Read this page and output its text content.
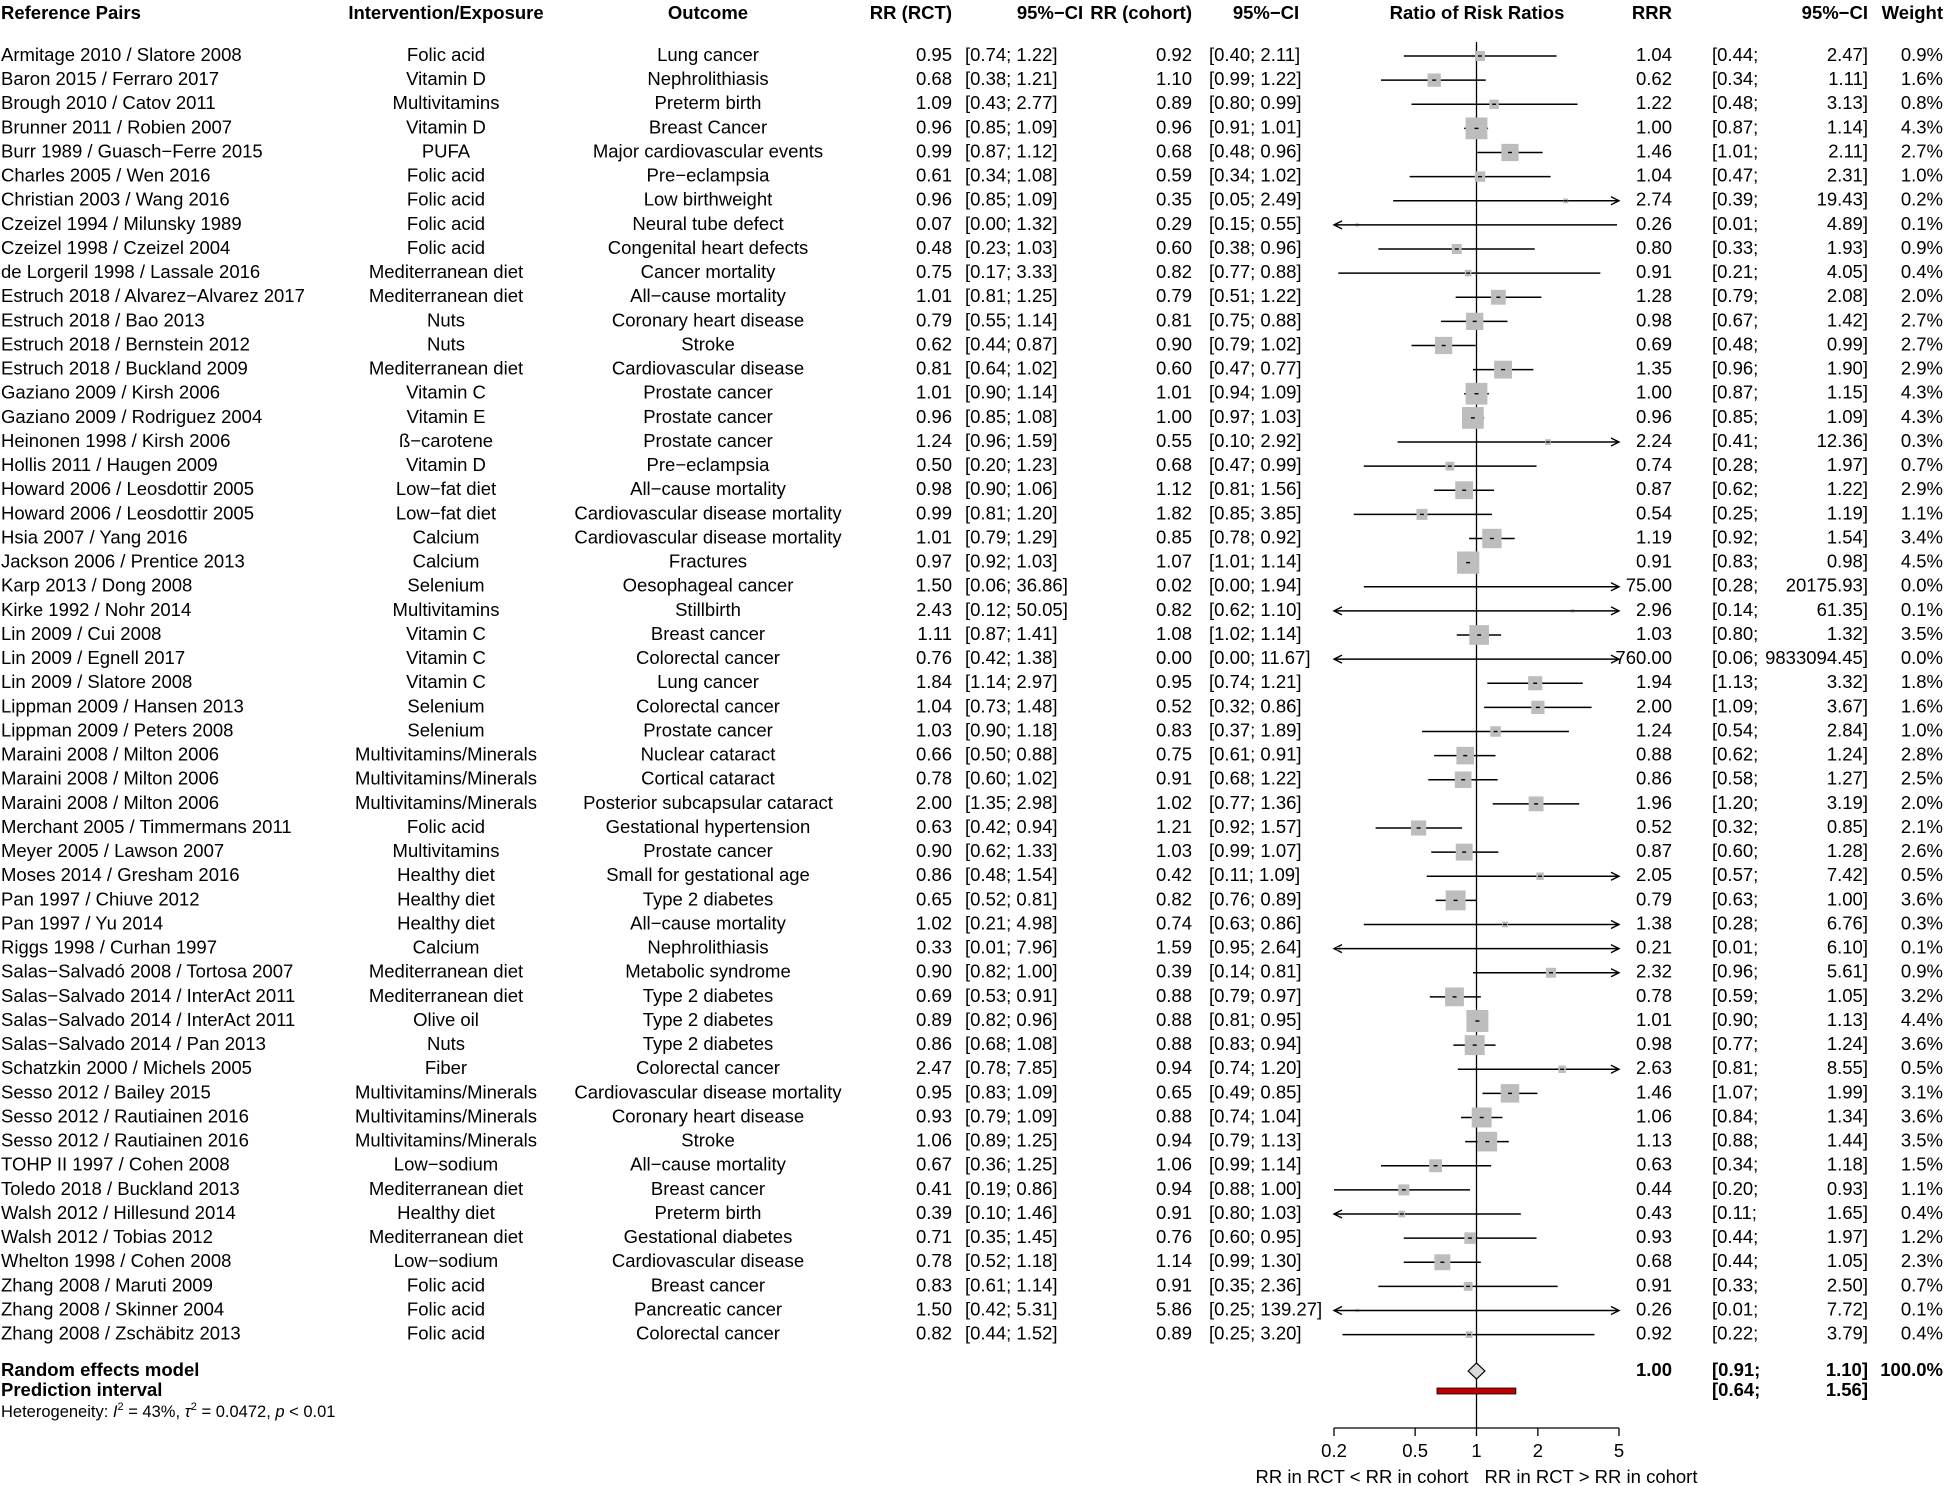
Reference Pairs	Intervention/Exposure	Outcome	RR (RCT)	95%−CI RR (cohort) 95%−CI	Ratio of Risk Ratios	RRR	95%−CI Weight
Armitage 2010 / Slatore 2008	Folic acid	Lung cancer	0.95 [0.74; 1.22]	0.92 [0.40; 2.11]	1.04 [0.44;	2.47] 0.9%
Baron 2015 / Ferraro 2017	Vitamin D	Nephrolithiasis	0.68 [0.38; 1.21]	1.10 [0.99; 1.22]	0.62 [0.34;	1.11] 1.6%
Brough 2010 / Catov 2011	Multivitamins	Preterm birth	1.09 [0.43; 2.77]	0.89 [0.80; 0.99]	1.22 [0.48;	3.13] 0.8%
Brunner 2011 / Robien 2007	Vitamin D	Breast Cancer	0.96 [0.85; 1.09]	0.96 [0.91; 1.01]	1.00 [0.87;	1.14] 4.3%
Burr 1989 / Guasch−Ferre 2015	PUFA	Major cardiovascular events	0.99 [0.87; 1.12]	0.68 [0.48; 0.96]	1.46 [1.01;	2.11] 2.7%
Charles 2005 / Wen 2016	Folic acid	Pre−eclampsia	0.61 [0.34; 1.08]	0.59 [0.34; 1.02]	1.04 [0.47;	2.31] 1.0%
Christian 2003 / Wang 2016	Folic acid	Low birthweight	0.96 [0.85; 1.09]	0.35 [0.05; 2.49]	2.74 [0.39;	19.43] 0.2%
Czeizel 1994 / Milunsky 1989	Folic acid	Neural tube defect	0.07 [0.00; 1.32]	0.29 [0.15; 0.55]	0.26 [0.01;	4.89] 0.1%
Czeizel 1998 / Czeizel 2004	Folic acid	Congenital heart defects	0.48 [0.23; 1.03]	0.60 [0.38; 0.96]	0.80 [0.33;	1.93] 0.9%
de Lorgeril 1998 / Lassale 2016	Mediterranean diet	Cancer mortality	0.75 [0.17; 3.33]	0.82 [0.77; 0.88]	0.91 [0.21;	4.05] 0.4%
Estruch 2018 / Alvarez−Alvarez 2017	Mediterranean diet	All−cause mortality	1.01 [0.81; 1.25]	0.79 [0.51; 1.22]	1.28 [0.79;	2.08] 2.0%
Estruch 2018 / Bao 2013	Nuts	Coronary heart disease	0.79 [0.55; 1.14]	0.81 [0.75; 0.88]	0.98 [0.67;	1.42] 2.7%
Estruch 2018 / Bernstein 2012	Nuts	Stroke	0.62 [0.44; 0.87]	0.90 [0.79; 1.02]	0.69 [0.48;	0.99] 2.7%
Estruch 2018 / Buckland 2009	Mediterranean diet	Cardiovascular disease	0.81 [0.64; 1.02]	0.60 [0.47; 0.77]	1.35 [0.96;	1.90] 2.9%
Gaziano 2009 / Kirsh 2006	Vitamin C	Prostate cancer	1.01 [0.90; 1.14]	1.01 [0.94; 1.09]	1.00 [0.87;	1.15] 4.3%
Gaziano 2009 / Rodriguez 2004	Vitamin E	Prostate cancer	0.96 [0.85; 1.08]	1.00 [0.97; 1.03]	0.96 [0.85;	1.09] 4.3%
Heinonen 1998 / Kirsh 2006	ß−carotene	Prostate cancer	1.24 [0.96; 1.59]	0.55 [0.10; 2.92]	2.24 [0.41;	12.36] 0.3%
Hollis 2011 / Haugen 2009	Vitamin D	Pre−eclampsia	0.50 [0.20; 1.23]	0.68 [0.47; 0.99]	0.74 [0.28;	1.97] 0.7%
Howard 2006 / Leosdottir 2005	Low−fat diet	All−cause mortality	0.98 [0.90; 1.06]	1.12 [0.81; 1.56]	0.87 [0.62;	1.22] 2.9%
Howard 2006 / Leosdottir 2005	Low−fat diet	Cardiovascular disease mortality	0.99 [0.81; 1.20]	1.82 [0.85; 3.85]	0.54 [0.25;	1.19] 1.1%
Hsia 2007 / Yang 2016	Calcium	Cardiovascular disease mortality	1.01 [0.79; 1.29]	0.85 [0.78; 0.92]	1.19 [0.92;	1.54] 3.4%
Jackson 2006 / Prentice 2013	Calcium	Fractures	0.97 [0.92; 1.03]	1.07 [1.01; 1.14]	0.91 [0.83;	0.98] 4.5%
Karp 2013 / Dong 2008	Selenium	Oesophageal cancer	1.50 [0.06; 36.86]	0.02 [0.00; 1.94]	75.00 [0.28; 20175.93] 0.0%
Kirke 1992 / Nohr 2014	Multivitamins	Stillbirth	2.43 [0.12; 50.05]	0.82 [0.62; 1.10]	2.96 [0.14;	61.35] 0.1%
Lin 2009 / Cui 2008	Vitamin C	Breast cancer	1.11 [0.87; 1.41]	1.08 [1.02; 1.14]	1.03 [0.80;	1.32] 3.5%
Lin 2009 / Egnell 2017	Vitamin C	Colorectal cancer	0.76 [0.42; 1.38]	0.00 [0.00; 11.67]	760.00 [0.06; 9833094.45] 0.0%
Lin 2009 / Slatore 2008	Vitamin C	Lung cancer	1.84 [1.14; 2.97]	0.95 [0.74; 1.21]	1.94 [1.13;	3.32] 1.8%
Lippman 2009 / Hansen 2013	Selenium	Colorectal cancer	1.04 [0.73; 1.48]	0.52 [0.32; 0.86]	2.00 [1.09;	3.67] 1.6%
Lippman 2009 / Peters 2008	Selenium	Prostate cancer	1.03 [0.90; 1.18]	0.83 [0.37; 1.89]	1.24 [0.54;	2.84] 1.0%
Maraini 2008 / Milton 2006	Multivitamins/Minerals	Nuclear cataract	0.66 [0.50; 0.88]	0.75 [0.61; 0.91]	0.88 [0.62;	1.24] 2.8%
Maraini 2008 / Milton 2006	Multivitamins/Minerals	Cortical cataract	0.78 [0.60; 1.02]	0.91 [0.68; 1.22]	0.86 [0.58;	1.27] 2.5%
Maraini 2008 / Milton 2006	Multivitamins/Minerals Posterior subcapsular cataract	2.00 [1.35; 2.98]	1.02 [0.77; 1.36]	1.96 [1.20;	3.19] 2.0%
Merchant 2005 / Timmermans 2011	Folic acid	Gestational hypertension	0.63 [0.42; 0.94]	1.21 [0.92; 1.57]	0.52 [0.32;	0.85] 2.1%
Meyer 2005 / Lawson 2007	Multivitamins	Prostate cancer	0.90 [0.62; 1.33]	1.03 [0.99; 1.07]	0.87 [0.60;	1.28] 2.6%
Moses 2014 / Gresham 2016	Healthy diet	Small for gestational age	0.86 [0.48; 1.54]	0.42 [0.11; 1.09]	2.05 [0.57;	7.42] 0.5%
Pan 1997 / Chiuve 2012	Healthy diet	Type 2 diabetes	0.65 [0.52; 0.81]	0.82 [0.76; 0.89]	0.79 [0.63;	1.00] 3.6%
Pan 1997 / Yu 2014	Healthy diet	All−cause mortality	1.02 [0.21; 4.98]	0.74 [0.63; 0.86]	1.38 [0.28;	6.76] 0.3%
Riggs 1998 / Curhan 1997	Calcium	Nephrolithiasis	0.33 [0.01; 7.96]	1.59 [0.95; 2.64]	0.21 [0.01;	6.10] 0.1%
Salas−Salvadó 2008 / Tortosa 2007	Mediterranean diet	Metabolic syndrome	0.90 [0.82; 1.00]	0.39 [0.14; 0.81]	2.32 [0.96;	5.61] 0.9%
Salas−Salvado 2014 / InterAct 2011	Mediterranean diet	Type 2 diabetes	0.69 [0.53; 0.91]	0.88 [0.79; 0.97]	0.78 [0.59;	1.05] 3.2%
Salas−Salvado 2014 / InterAct 2011	Olive oil	Type 2 diabetes	0.89 [0.82; 0.96]	0.88 [0.81; 0.95]	1.01 [0.90;	1.13] 4.4%
Salas−Salvado 2014 / Pan 2013	Nuts	Type 2 diabetes	0.86 [0.68; 1.08]	0.88 [0.83; 0.94]	0.98 [0.77;	1.24] 3.6%
Schatzkin 2000 / Michels 2005	Fiber	Colorectal cancer	2.47 [0.78; 7.85]	0.94 [0.74; 1.20]	2.63 [0.81;	8.55] 0.5%
Sesso 2012 / Bailey 2015	Multivitamins/Minerals Cardiovascular disease mortality	0.95 [0.83; 1.09]	0.65 [0.49; 0.85]	1.46 [1.07;	1.99] 3.1%
Sesso 2012 / Rautiainen 2016	Multivitamins/Minerals	Coronary heart disease	0.93 [0.79; 1.09]	0.88 [0.74; 1.04]	1.06 [0.84;	1.34] 3.6%
Sesso 2012 / Rautiainen 2016	Multivitamins/Minerals	Stroke	1.06 [0.89; 1.25]	0.94 [0.79; 1.13]	1.13 [0.88;	1.44] 3.5%
TOHP II 1997 / Cohen 2008	Low−sodium	All−cause mortality	0.67 [0.36; 1.25]	1.06 [0.99; 1.14]	0.63 [0.34;	1.18] 1.5%
Toledo 2018 / Buckland 2013	Mediterranean diet	Breast cancer	0.41 [0.19; 0.86]	0.94 [0.88; 1.00]	0.44 [0.20;	0.93] 1.1%
Walsh 2012 / Hillesund 2014	Healthy diet	Preterm birth	0.39 [0.10; 1.46]	0.91 [0.80; 1.03]	0.43 [0.11;	1.65] 0.4%
Walsh 2012 / Tobias 2012	Mediterranean diet	Gestational diabetes	0.71 [0.35; 1.45]	0.76 [0.60; 0.95]	0.93 [0.44;	1.97] 1.2%
Whelton 1998 / Cohen 2008	Low−sodium	Cardiovascular disease	0.78 [0.52; 1.18]	1.14 [0.99; 1.30]	0.68 [0.44;	1.05] 2.3%
Zhang 2008 / Maruti 2009	Folic acid	Breast cancer	0.83 [0.61; 1.14]	0.91 [0.35; 2.36]	0.91 [0.33;	2.50] 0.7%
Zhang 2008 / Skinner 2004	Folic acid	Pancreatic cancer	1.50 [0.42; 5.31]	5.86 [0.25; 139.27]	0.26 [0.01;	7.72] 0.1%
Zhang 2008 / Zschäbitz 2013	Folic acid	Colorectal cancer	0.82 [0.44; 1.52]	0.89 [0.25; 3.20]	0.92 [0.22;	3.79] 0.4%
Random effects model	1.00 [0.91;	1.10] 100.0%
Prediction interval	[0.64;	1.56]
Heterogeneity: $I^2 = 43\%$, $\tau^2 = 0.0472$, p < 0.01
0.2	0.5 1	2	5
RR in RCT < RR in cohort RR in RCT > RR in cohort
